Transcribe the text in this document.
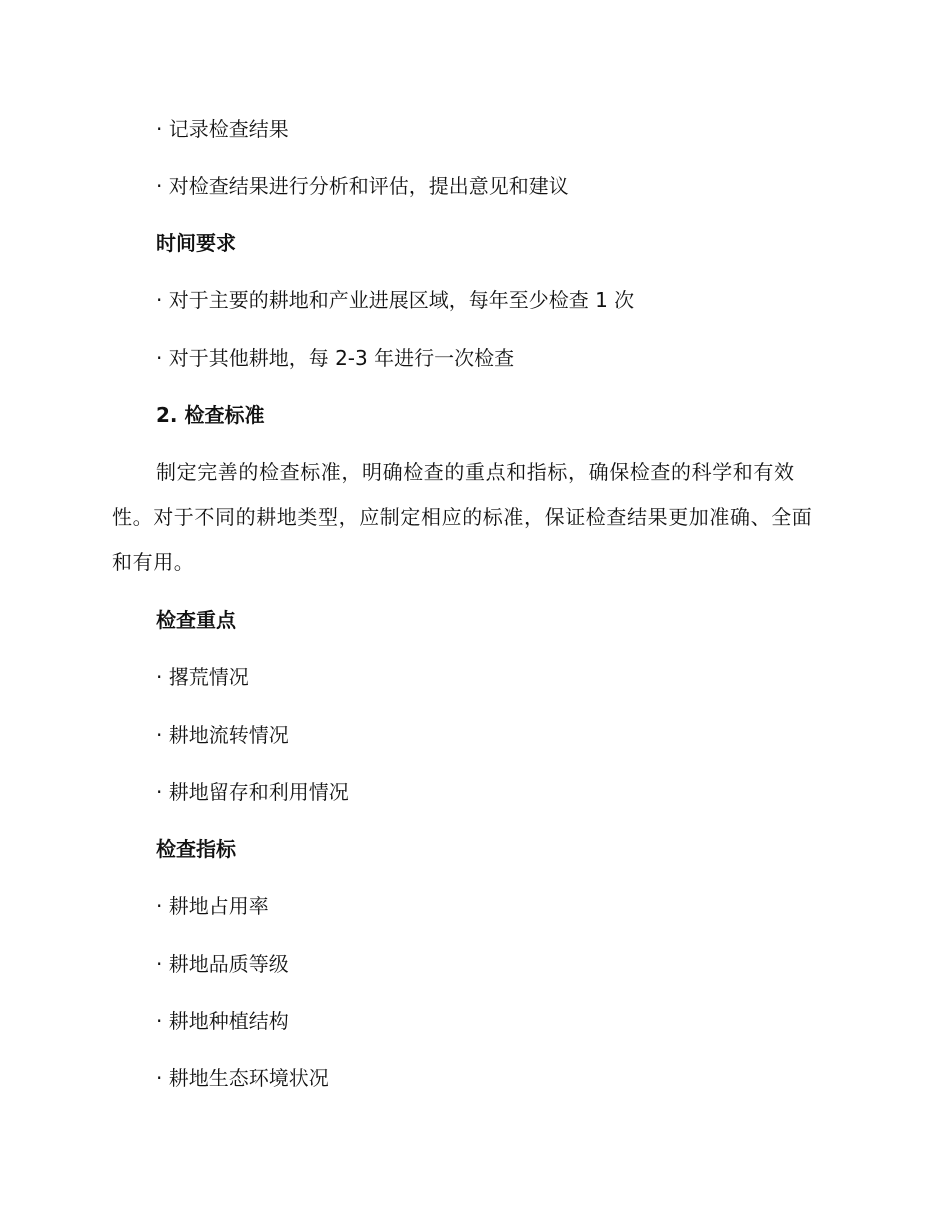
· 记录检查结果
· 对检查结果进行分析和评估，提出意见和建议
时间要求
· 对于主要的耕地和产业进展区域，每年至少检查 1 次
· 对于其他耕地，每 2-3 年进行一次检查
2. 检查标准
制定完善的检查标准，明确检查的重点和指标，确保检查的科学和有效性。对于不同的耕地类型，应制定相应的标准，保证检查结果更加准确、全面和有用。
检查重点
· 撂荒情况
· 耕地流转情况
· 耕地留存和利用情况
检查指标
· 耕地占用率
· 耕地品质等级
· 耕地种植结构
· 耕地生态环境状况
